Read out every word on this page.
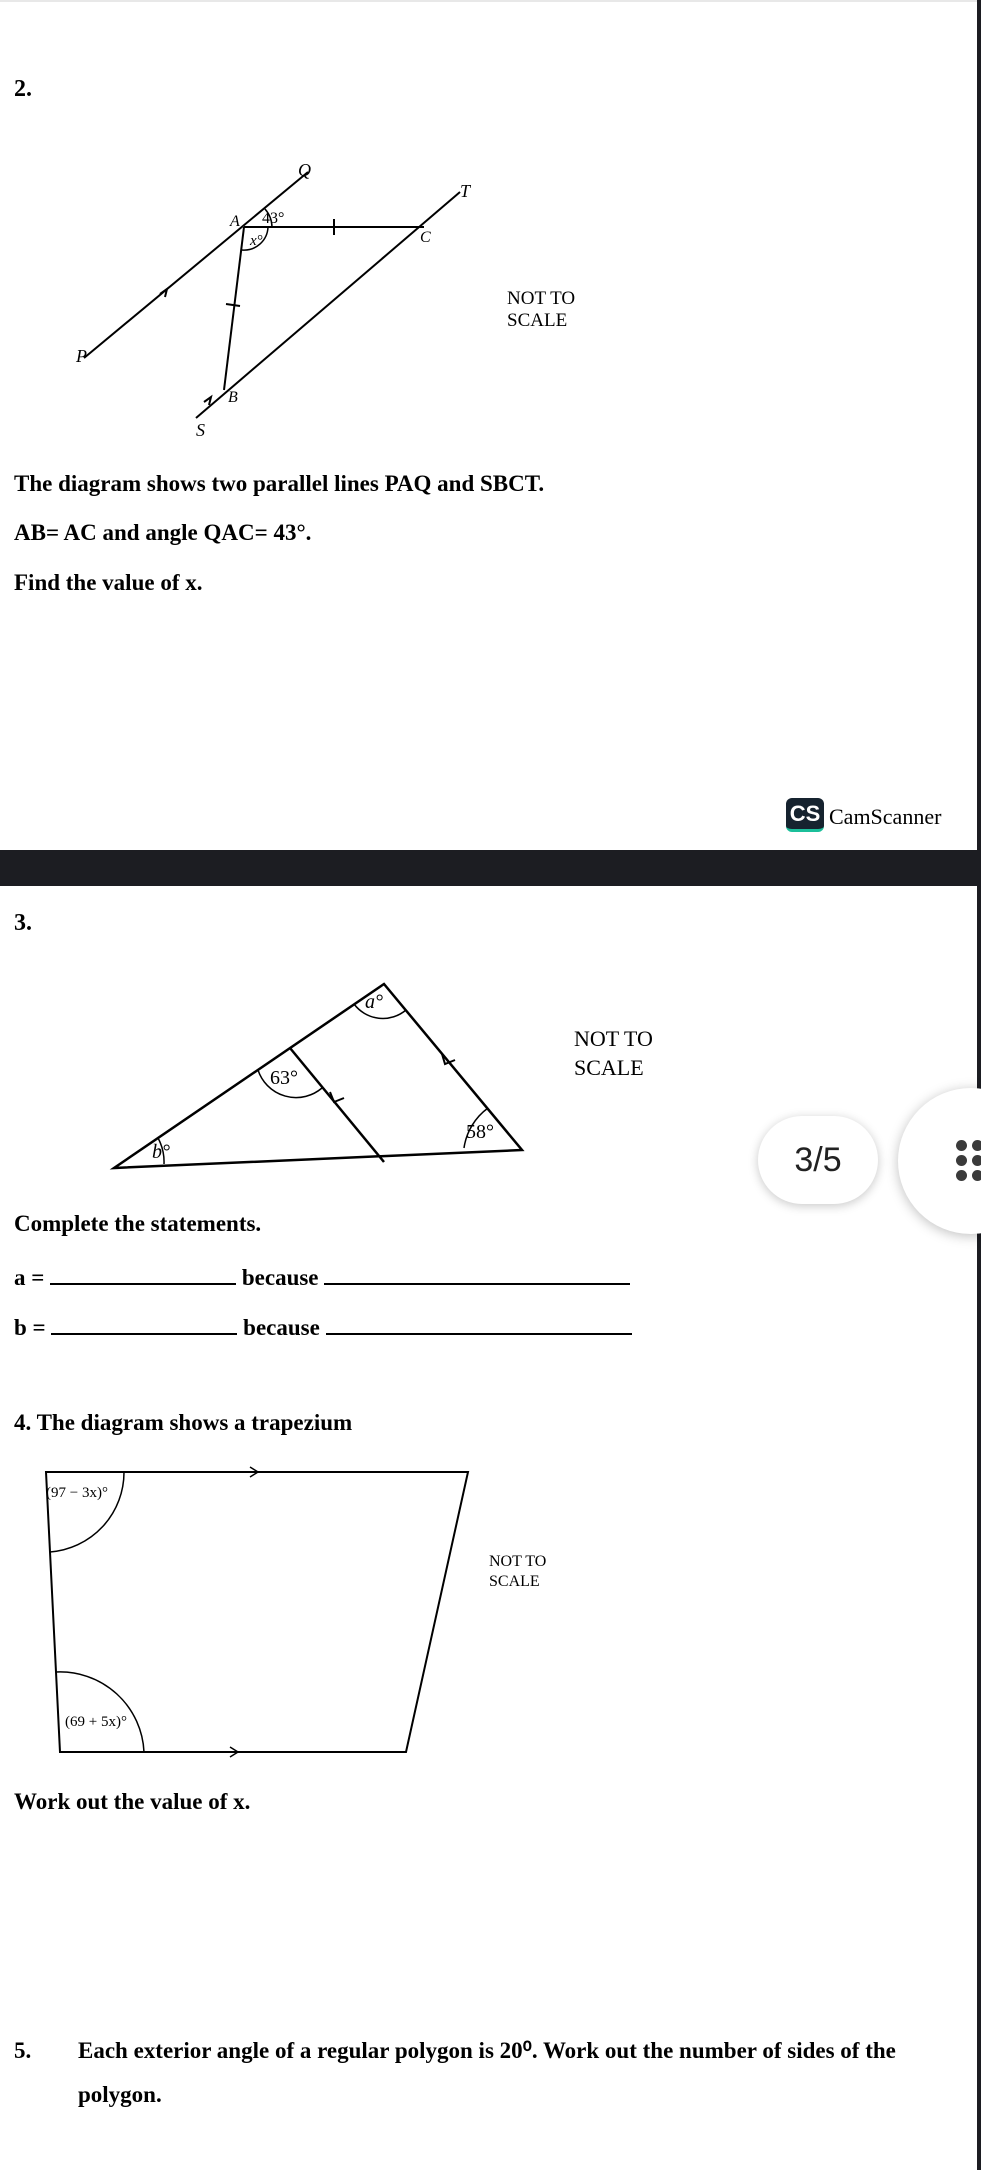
2.
Q
T
A
C
P
B
S
43°
x°
NOT TO
SCALE
The diagram shows two parallel lines PAQ and SBCT.
AB= AC and angle QAC= 43°.
Find the value of x.
CS CamScanner
3.
a°
63°
b°
58°
NOT TO
SCALE
Complete the statements.
a =	because
b =	because
4. The diagram shows a trapezium
(97 − 3x)°
(69 + 5x)°
NOT TO
SCALE
Work out the value of x.
5. Each exterior angle of a regular polygon is 20⁰. Work out the number of sides of the
polygon.
3/5
